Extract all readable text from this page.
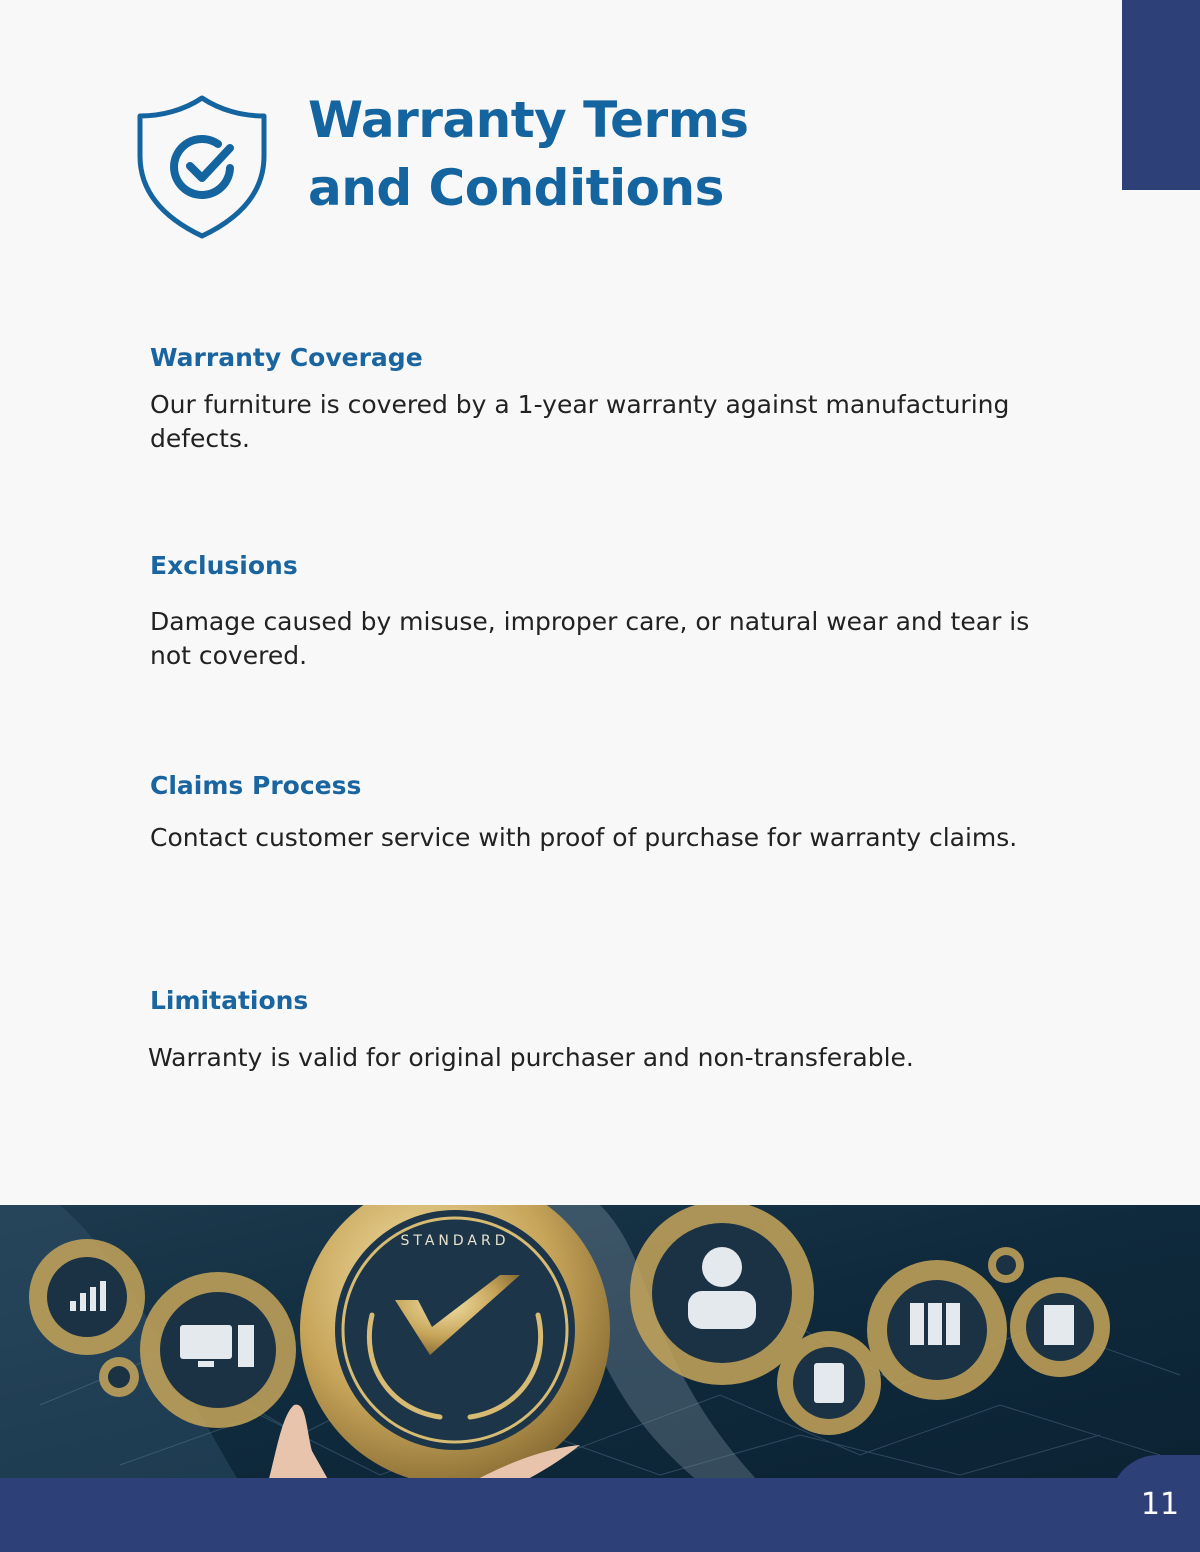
Warranty Terms
and Conditions
Warranty Coverage
Our furniture is covered by a 1-year warranty against manufacturing defects.
Exclusions
Damage caused by misuse, improper care, or natural wear and tear is not covered.
Claims Process
Contact customer service with proof of purchase for warranty claims.
Limitations
Warranty is valid for original purchaser and non-transferable.
STANDARD
11
